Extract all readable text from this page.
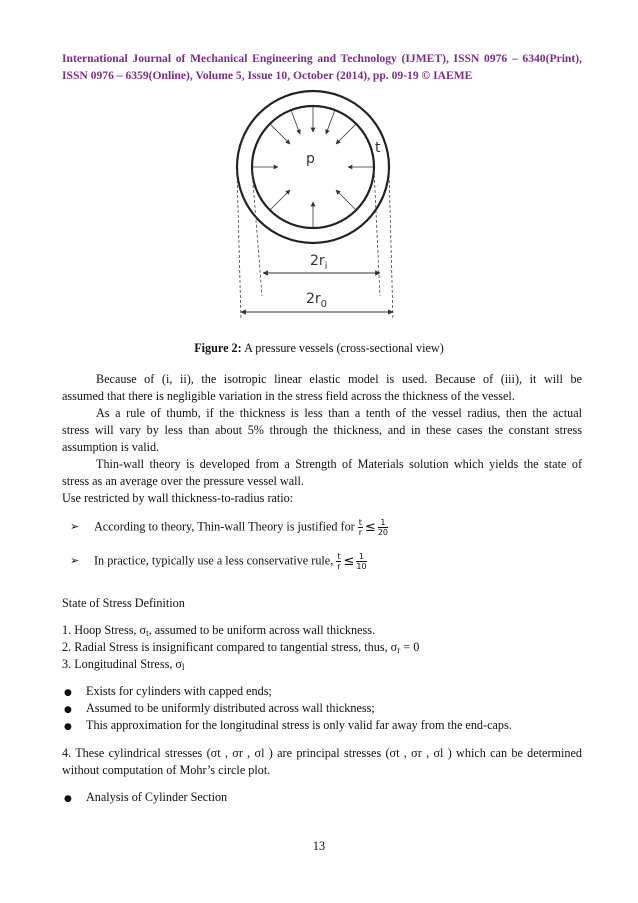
International Journal of Mechanical Engineering and Technology (IJMET), ISSN 0976 – 6340(Print),
ISSN 0976 – 6359(Online), Volume 5, Issue 10, October (2014), pp. 09-19 © IAEME
p
t
$2r_i$
$2r_0$
Figure 2: A pressure vessels (cross-sectional view)
Because of (i, ii), the isotropic linear elastic model is used. Because of (iii), it will be
assumed that there is negligible variation in the stress field across the thickness of the vessel.
As a rule of thumb, if the thickness is less than a tenth of the vessel radius, then the actual
stress will vary by less than about 5% through the thickness, and in these cases the constant stress
assumption is valid.
Thin-wall theory is developed from a Strength of Materials solution which yields the state of
stress as an average over the pressure vessel wall.
Use restricted by wall thickness-to-radius ratio:
➢ According to theory, Thin-wall Theory is justified for $\frac{t}{r} \le \frac{1}{20}$
➢ In practice, typically use a less conservative rule, $\frac{t}{r} \le \frac{1}{10}$
State of Stress Definition
1. Hoop Stress, $\sigma_t$, assumed to be uniform across wall thickness.
2. Radial Stress is insignificant compared to tangential stress, thus, $\sigma_r = 0$
3. Longitudinal Stress, $\sigma_l$
● Exists for cylinders with capped ends;
● Assumed to be uniformly distributed across wall thickness;
● This approximation for the longitudinal stress is only valid far away from the end-caps.
4. These cylindrical stresses (σt , σr , σl ) are principal stresses (σt , σr , σl ) which can be determined
without computation of Mohr’s circle plot.
● Analysis of Cylinder Section
13
